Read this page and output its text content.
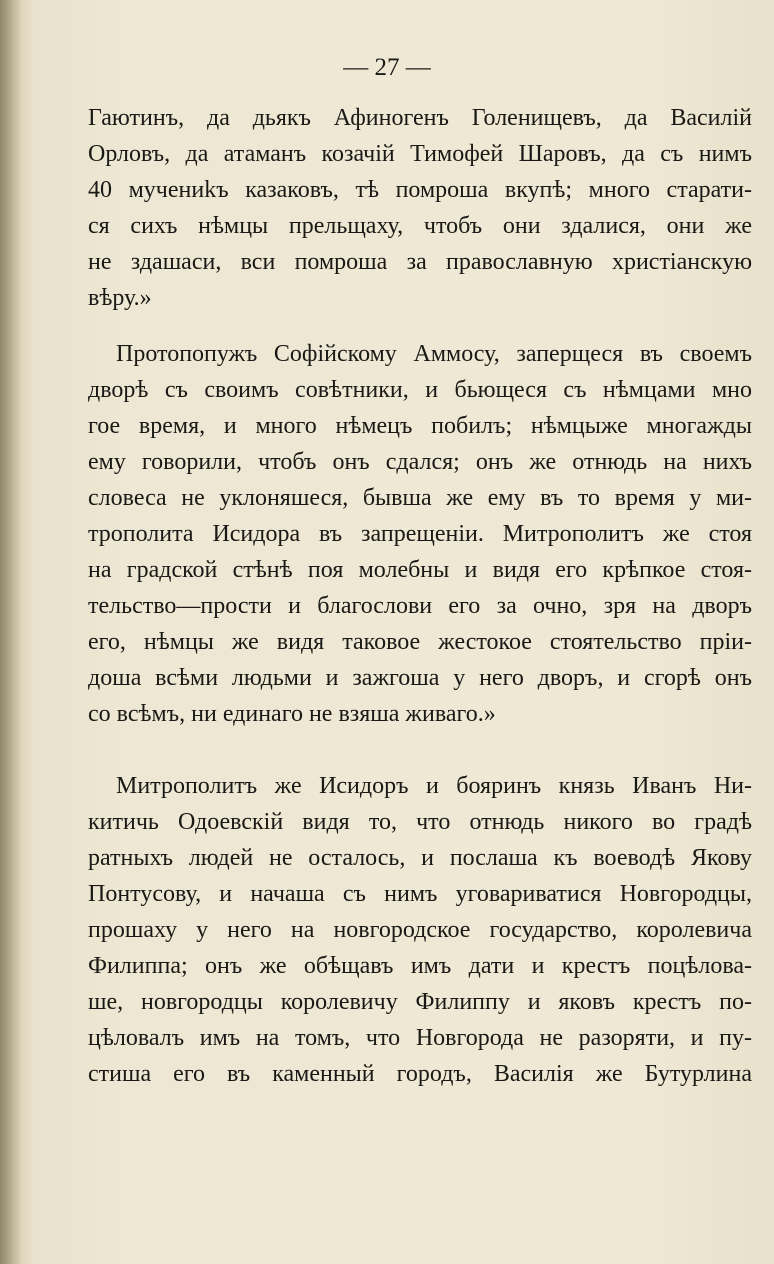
— 27 —

Гаютинъ, да дьякъ Афиногенъ Голенищевъ, да Василій
Орловъ, да атаманъ козачій Тимофей Шаровъ, да съ нимъ
40 мучениkъ казаковъ, тѣ помроша вкупѣ; много старати-
ся сихъ нѣмцы прельщаху, чтобъ они здалися, они же
не здашаси, вси помроша за православную христіанскую
вѣру.»

Протопопужъ Софійскому Аммосу, заперщеся въ своемъ
дворѣ съ своимъ совѣтники, и бьющеся съ нѣмцами мно
гое время, и много нѣмецъ побилъ; нѣмцыже многажды
ему говорили, чтобъ онъ сдался; онъ же отнюдь на нихъ
словеса не уклоняшеся, бывша же ему въ то время у ми-
трополита Исидора въ запрещеніи. Митрополитъ же стоя
на градской стѣнѣ поя молебны и видя его крѣпкое стоя-
тельство—прости и благослови его за очно, зря на дворъ
его, нѣмцы же видя таковое жестокое стоятельство пріи-
доша всѣми людьми и зажгоша у него дворъ, и сгорѣ онъ
со всѣмъ, ни единаго не взяша живаго.»

Митрополитъ же Исидоръ и бояринъ князь Иванъ Ни-
китичь Одоевскій видя то, что отнюдь никого во градѣ
ратныхъ людей не осталось, и послаша къ воеводѣ Якову
Понтусову, и начаша съ нимъ уговариватися Новгородцы,
прошаху у него на новгородское государство, королевича
Филиппа; онъ же обѣщавъ имъ дати и крестъ поцѣлова-
ше, новгородцы королевичу Филиппу и яковъ крестъ по-
цѣловалъ имъ на томъ, что Новгорода не разоряти, и пу-
стиша его въ каменный городъ, Василія же Бутурлина
